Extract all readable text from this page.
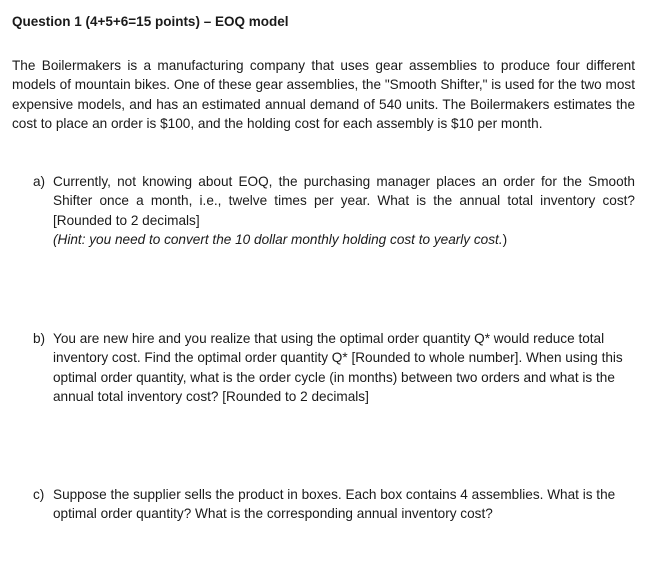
Question 1 (4+5+6=15 points) – EOQ model
The Boilermakers is a manufacturing company that uses gear assemblies to produce four different models of mountain bikes. One of these gear assemblies, the "Smooth Shifter," is used for the two most expensive models, and has an estimated annual demand of 540 units. The Boilermakers estimates the cost to place an order is $100, and the holding cost for each assembly is $10 per month.
a) Currently, not knowing about EOQ, the purchasing manager places an order for the Smooth Shifter once a month, i.e., twelve times per year. What is the annual total inventory cost? [Rounded to 2 decimals]
(Hint: you need to convert the 10 dollar monthly holding cost to yearly cost.)
b) You are new hire and you realize that using the optimal order quantity Q* would reduce total inventory cost. Find the optimal order quantity Q* [Rounded to whole number]. When using this optimal order quantity, what is the order cycle (in months) between two orders and what is the annual total inventory cost? [Rounded to 2 decimals]
c) Suppose the supplier sells the product in boxes. Each box contains 4 assemblies. What is the optimal order quantity? What is the corresponding annual inventory cost?
